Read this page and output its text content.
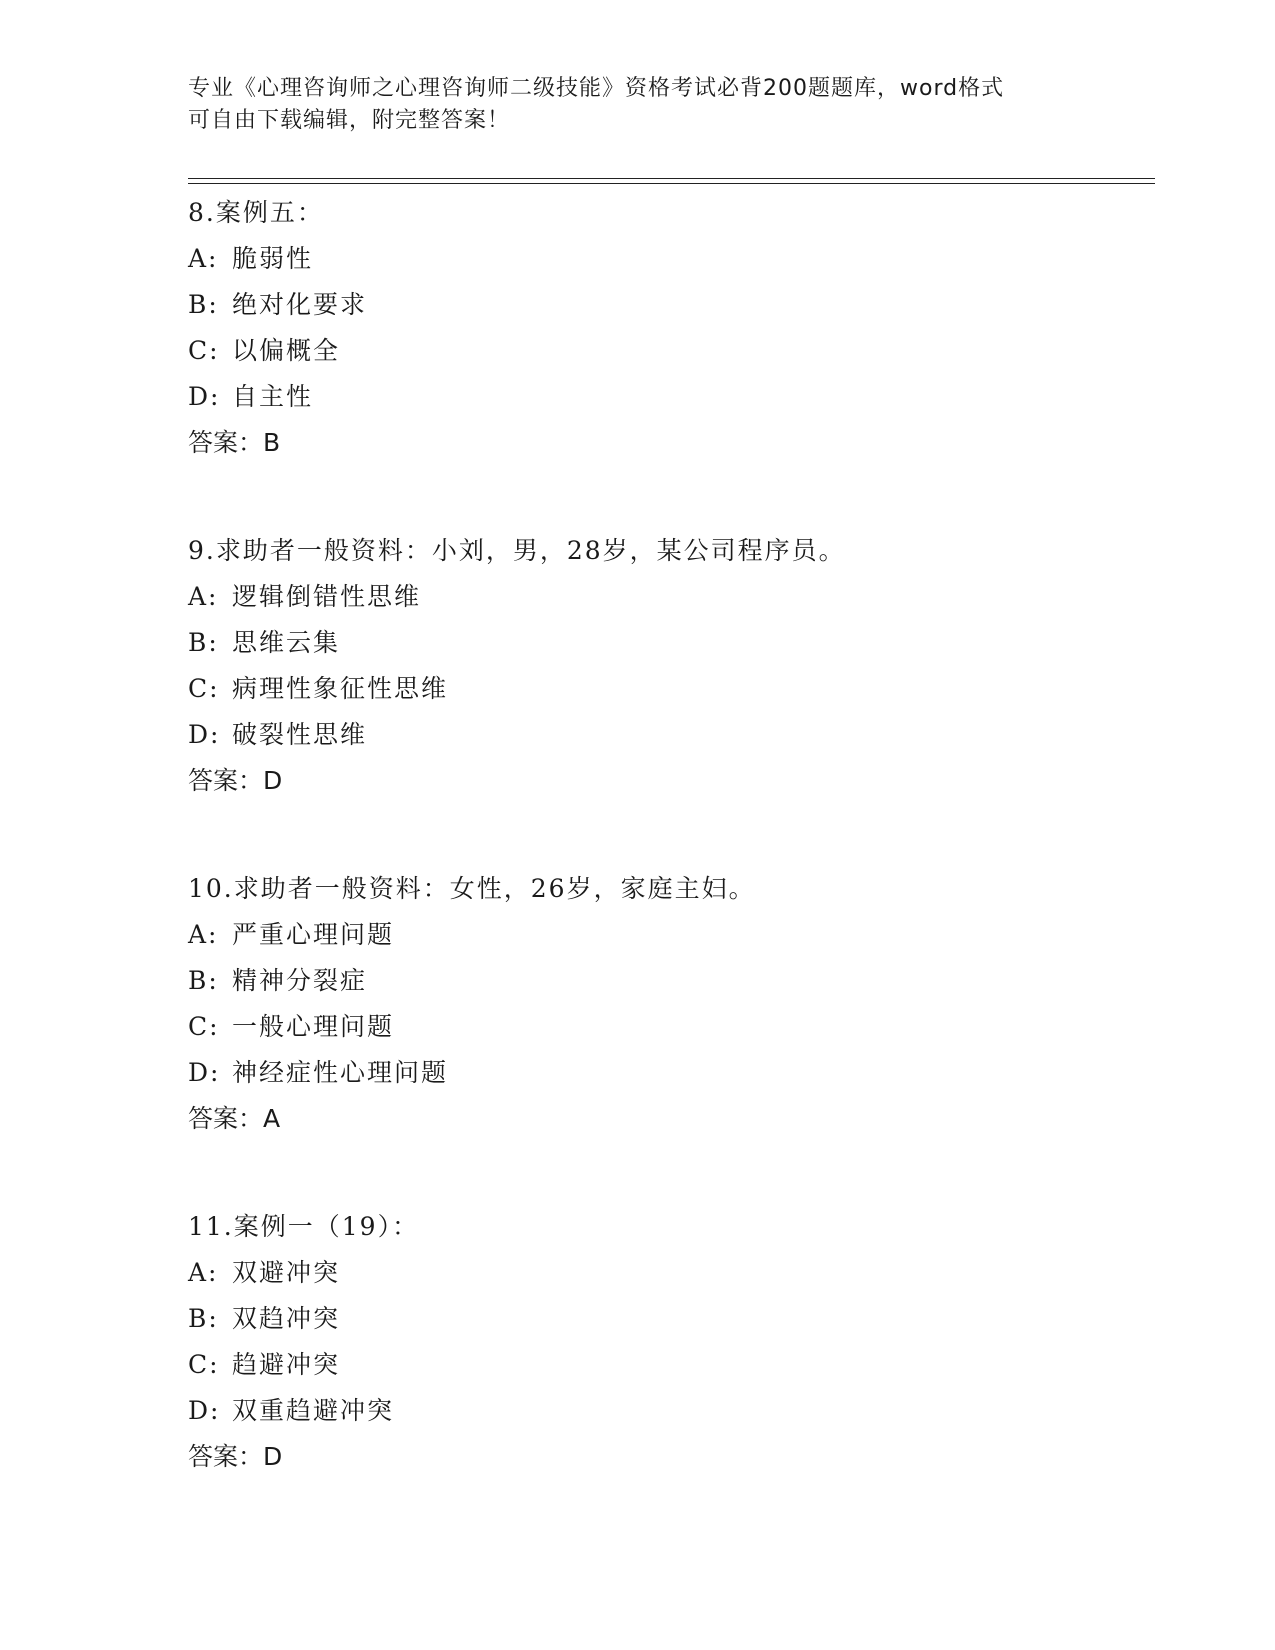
专业《心理咨询师之心理咨询师二级技能》资格考试必背200题题库，word格式
可自由下载编辑，附完整答案！
8.案例五：
A: 脆弱性
B: 绝对化要求
C: 以偏概全
D: 自主性
答案：B
9.求助者一般资料：小刘，男，28岁，某公司程序员。
A: 逻辑倒错性思维
B: 思维云集
C: 病理性象征性思维
D: 破裂性思维
答案：D
10.求助者一般资料：女性，26岁，家庭主妇。
A: 严重心理问题
B: 精神分裂症
C: 一般心理问题
D: 神经症性心理问题
答案：A
11.案例一（19）：
A: 双避冲突
B: 双趋冲突
C: 趋避冲突
D: 双重趋避冲突
答案：D
